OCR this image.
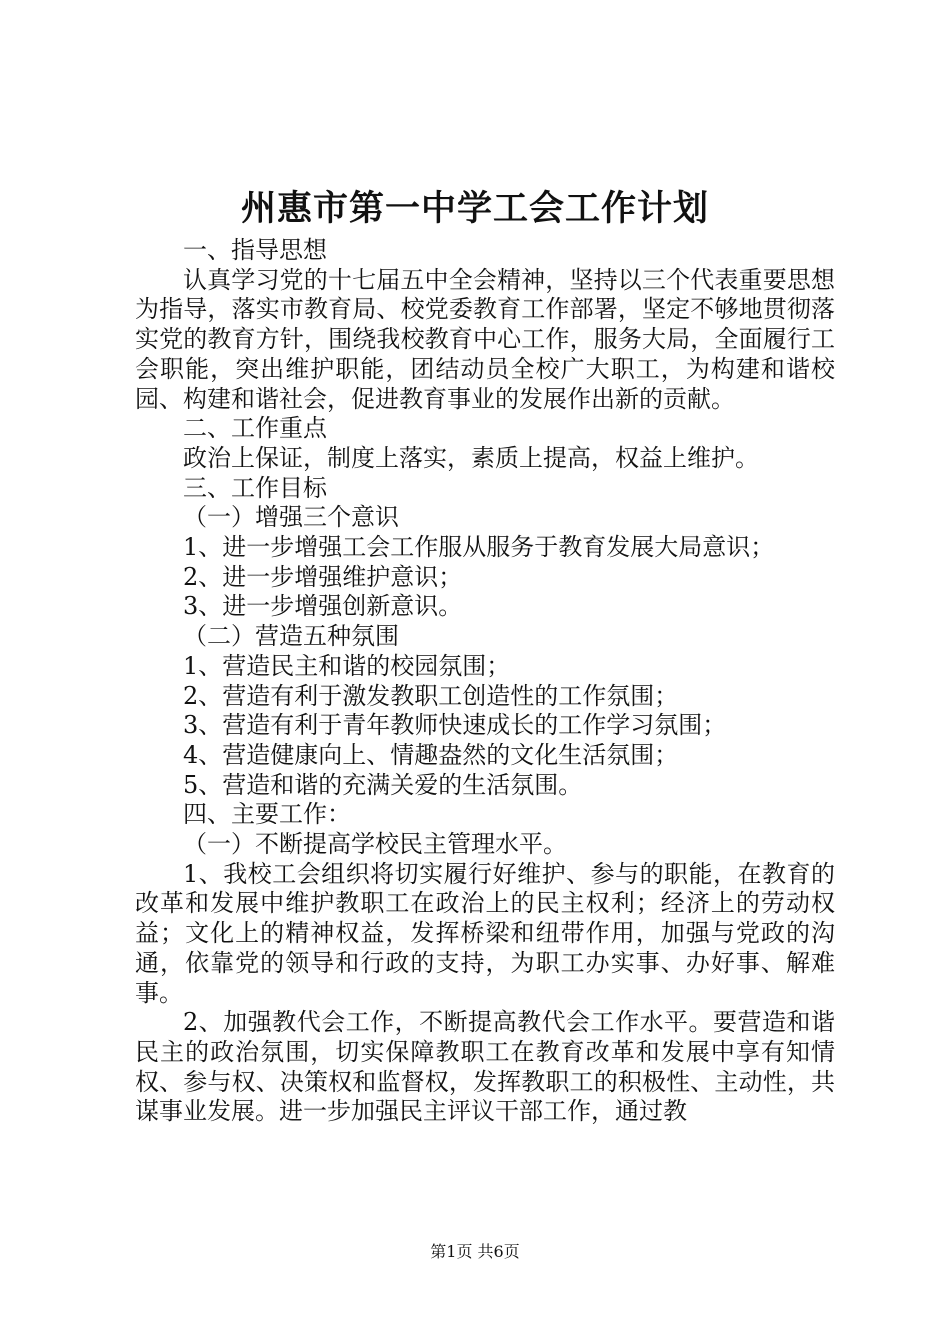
州惠市第一中学工会工作计划

一、指导思想

认真学习党的十七届五中全会精神，坚持以三个代表重要思想为指导，落实市教育局、校党委教育工作部署，坚定不够地贯彻落实党的教育方针，围绕我校教育中心工作，服务大局，全面履行工会职能，突出维护职能，团结动员全校广大职工，为构建和谐校园、构建和谐社会，促进教育事业的发展作出新的贡献。

二、工作重点

政治上保证，制度上落实，素质上提高，权益上维护。

三、工作目标

（一）增强三个意识

1、进一步增强工会工作服从服务于教育发展大局意识；

2、进一步增强维护意识；

3、进一步增强创新意识。

（二）营造五种氛围

1、营造民主和谐的校园氛围；

2、营造有利于激发教职工创造性的工作氛围；

3、营造有利于青年教师快速成长的工作学习氛围；

4、营造健康向上、情趣盎然的文化生活氛围；

5、营造和谐的充满关爱的生活氛围。

四、主要工作：

（一）不断提高学校民主管理水平。

1、我校工会组织将切实履行好维护、参与的职能，在教育的改革和发展中维护教职工在政治上的民主权利；经济上的劳动权益；文化上的精神权益，发挥桥梁和纽带作用，加强与党政的沟通，依靠党的领导和行政的支持，为职工办实事、办好事、解难事。

2、加强教代会工作，不断提高教代会工作水平。要营造和谐民主的政治氛围，切实保障教职工在教育改革和发展中享有知情权、参与权、决策权和监督权，发挥教职工的积极性、主动性，共谋事业发展。进一步加强民主评议干部工作，通过教

第1页 共6页
